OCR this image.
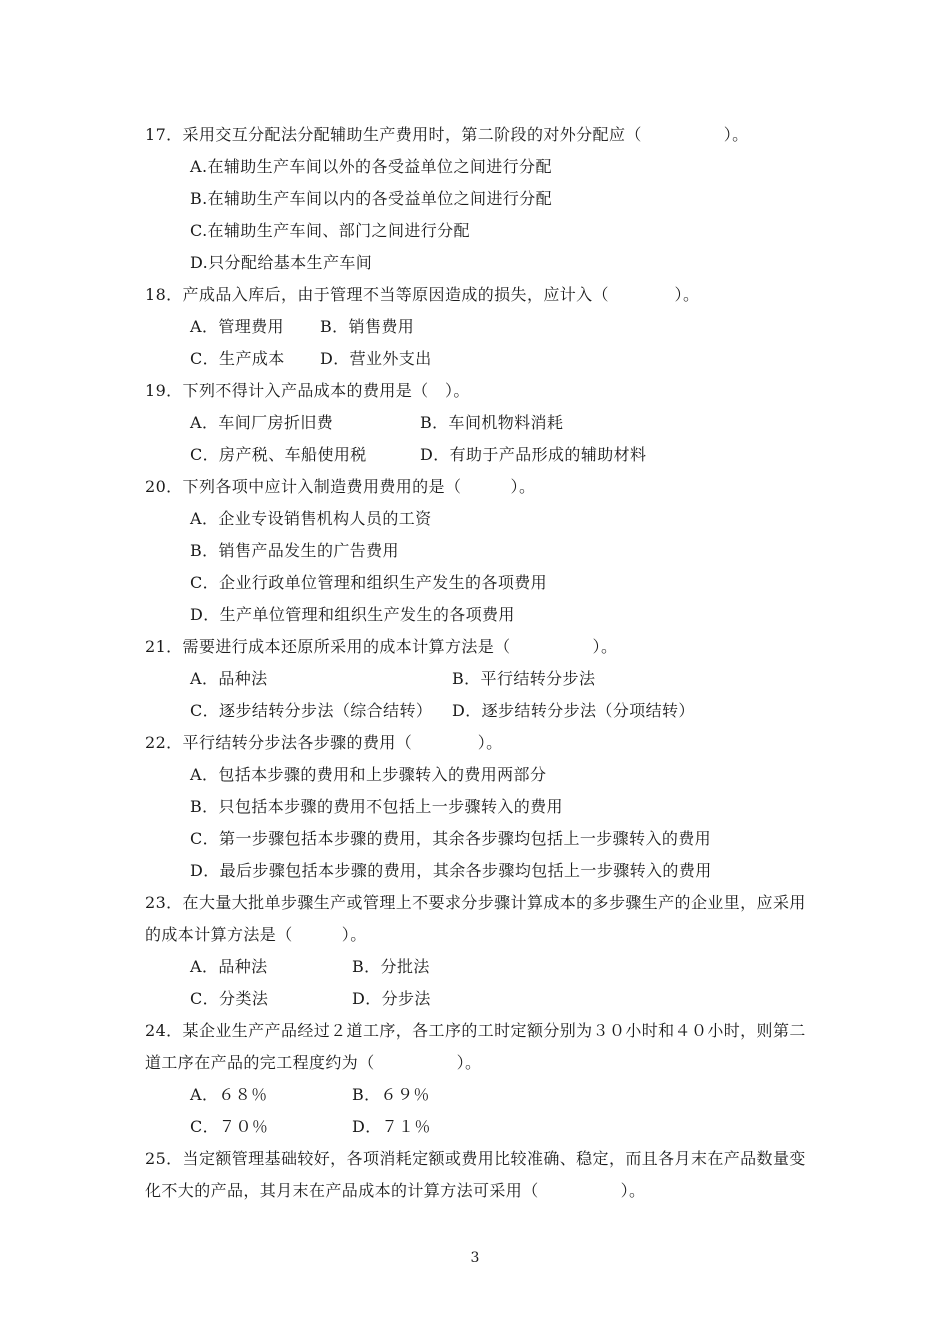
17．采用交互分配法分配辅助生产费用时，第二阶段的对外分配应（　　　　　）。
A.在辅助生产车间以外的各受益单位之间进行分配
B.在辅助生产车间以内的各受益单位之间进行分配
C.在辅助生产车间、部门之间进行分配
D.只分配给基本生产车间
18．产成品入库后，由于管理不当等原因造成的损失，应计入（　　　　）。
A．管理费用 B．销售费用
C．生产成本 D．营业外支出
19．下列不得计入产品成本的费用是（　）。
A．车间厂房折旧费	B．车间机物料消耗
C．房产税、车船使用税	D．有助于产品形成的辅助材料
20．下列各项中应计入制造费用费用的是（　　　）。
A．企业专设销售机构人员的工资
B．销售产品发生的广告费用
C．企业行政单位管理和组织生产发生的各项费用
D．生产单位管理和组织生产发生的各项费用
21．需要进行成本还原所采用的成本计算方法是（　　　　　）。
A．品种法	B．平行结转分步法
C．逐步结转分步法（综合结转） D．逐步结转分步法（分项结转）
22．平行结转分步法各步骤的费用（　　　　）。
A．包括本步骤的费用和上步骤转入的费用两部分
B．只包括本步骤的费用不包括上一步骤转入的费用
C．第一步骤包括本步骤的费用，其余各步骤均包括上一步骤转入的费用
D．最后步骤包括本步骤的费用，其余各步骤均包括上一步骤转入的费用
23．在大量大批单步骤生产或管理上不要求分步骤计算成本的多步骤生产的企业里，应采用
的成本计算方法是（　　　）。
A．品种法	B．分批法
C．分类法	D．分步法
24．某企业生产产品经过２道工序，各工序的工时定额分别为３０小时和４０小时，则第二
道工序在产品的完工程度约为（　　　　　）。
A．６８％	B．６９％
C．７０％	D．７１％
25．当定额管理基础较好，各项消耗定额或费用比较准确、稳定，而且各月末在产品数量变
化不大的产品，其月末在产品成本的计算方法可采用（　　　　　）。
3
